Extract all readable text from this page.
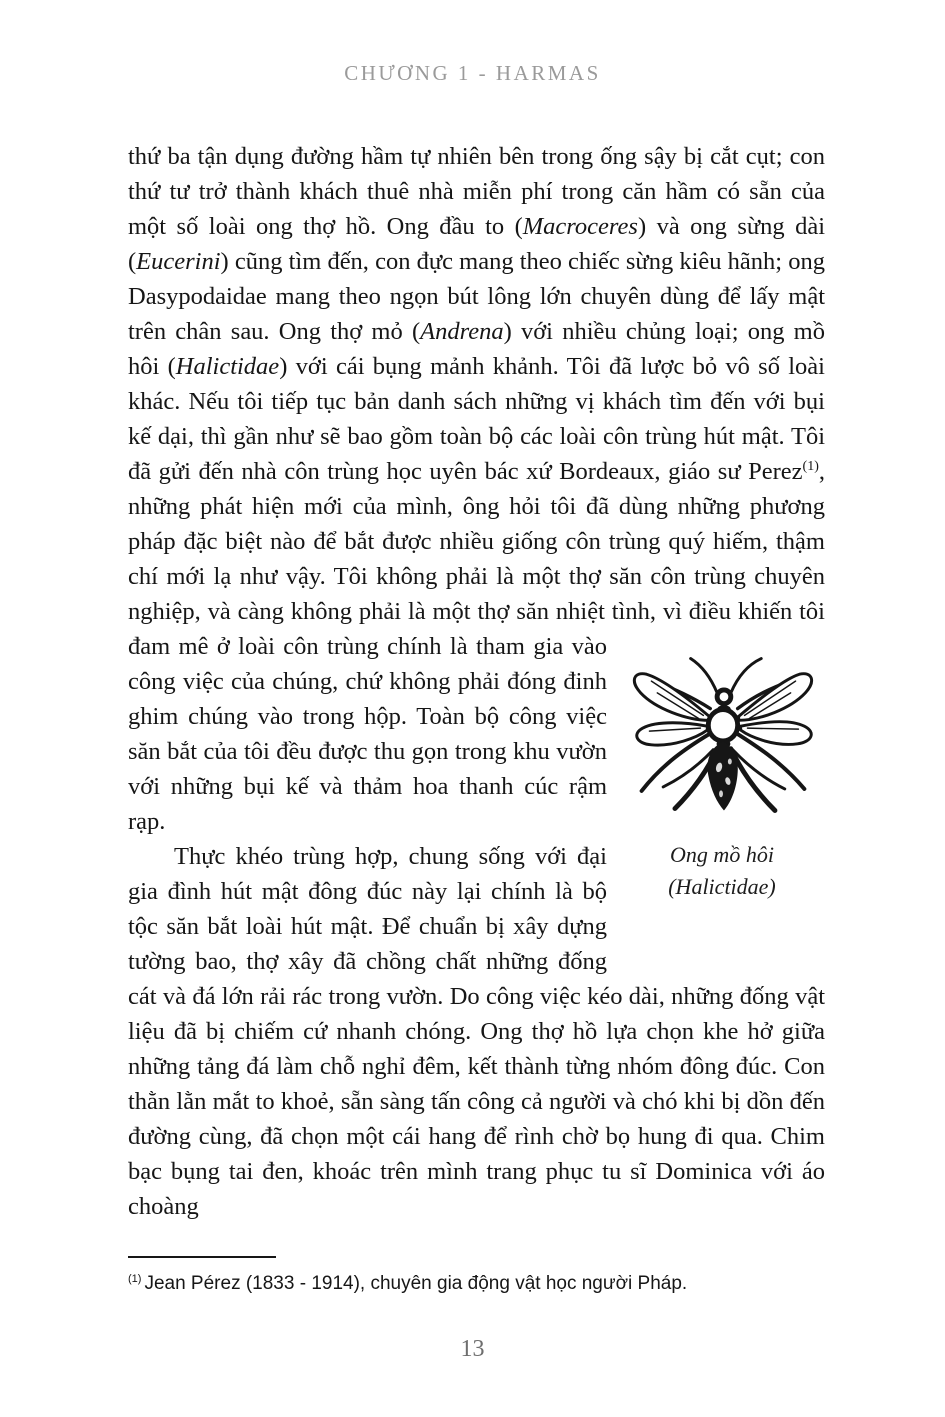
CHƯƠNG 1 - HARMAS

thứ ba tận dụng đường hầm tự nhiên bên trong ống sậy bị cắt cụt; con thứ tư trở thành khách thuê nhà miễn phí trong căn hầm có sẵn của một số loài ong thợ hồ. Ong đầu to (Macroceres) và ong sừng dài (Eucerini) cũng tìm đến, con đực mang theo chiếc sừng kiêu hãnh; ong Dasypodaidae mang theo ngọn bút lông lớn chuyên dùng để lấy mật trên chân sau. Ong thợ mỏ (Andrena) với nhiều chủng loại; ong mồ hôi (Halictidae) với cái bụng mảnh khảnh. Tôi đã lược bỏ vô số loài khác. Nếu tôi tiếp tục bản danh sách những vị khách tìm đến với bụi kế dại, thì gần như sẽ bao gồm toàn bộ các loài côn trùng hút mật. Tôi đã gửi đến nhà côn trùng học uyên bác xứ Bordeaux, giáo sư Perez$^{(1)}$, những phát hiện mới của mình, ông hỏi tôi đã dùng những phương pháp đặc biệt nào để bắt được nhiều giống côn trùng quý hiếm, thậm chí mới lạ như vậy. Tôi không phải là một thợ săn côn trùng chuyên nghiệp, và càng không phải là một thợ săn nhiệt tình, vì điều khiến tôi đam mê ở loài côn trùng chính là tham gia vào
Ong mồ hôi
(Halictidae)
công việc của chúng, chứ không phải đóng đinh ghim chúng vào trong hộp. Toàn bộ công việc săn bắt của tôi đều được thu gọn trong khu vườn với những bụi kế và thảm hoa thanh cúc rậm rạp.

Thực khéo trùng hợp, chung sống với đại gia đình hút mật đông đúc này lại chính là bộ tộc săn bắt loài hút mật. Để chuẩn bị xây dựng tường bao, thợ xây đã chồng chất những đống cát và đá lớn rải rác trong vườn. Do công việc kéo dài, những đống vật liệu đã bị chiếm cứ nhanh chóng. Ong thợ hồ lựa chọn khe hở giữa những tảng đá làm chỗ nghỉ đêm, kết thành từng nhóm đông đúc. Con thằn lằn mắt to khoẻ, sẵn sàng tấn công cả người và chó khi bị dồn đến đường cùng, đã chọn một cái hang để rình chờ bọ hung đi qua. Chim bạc bụng tai đen, khoác trên mình trang phục tu sĩ Dominica với áo choàng

$^{(1)}$ Jean Pérez (1833 - 1914), chuyên gia động vật học người Pháp.
13
